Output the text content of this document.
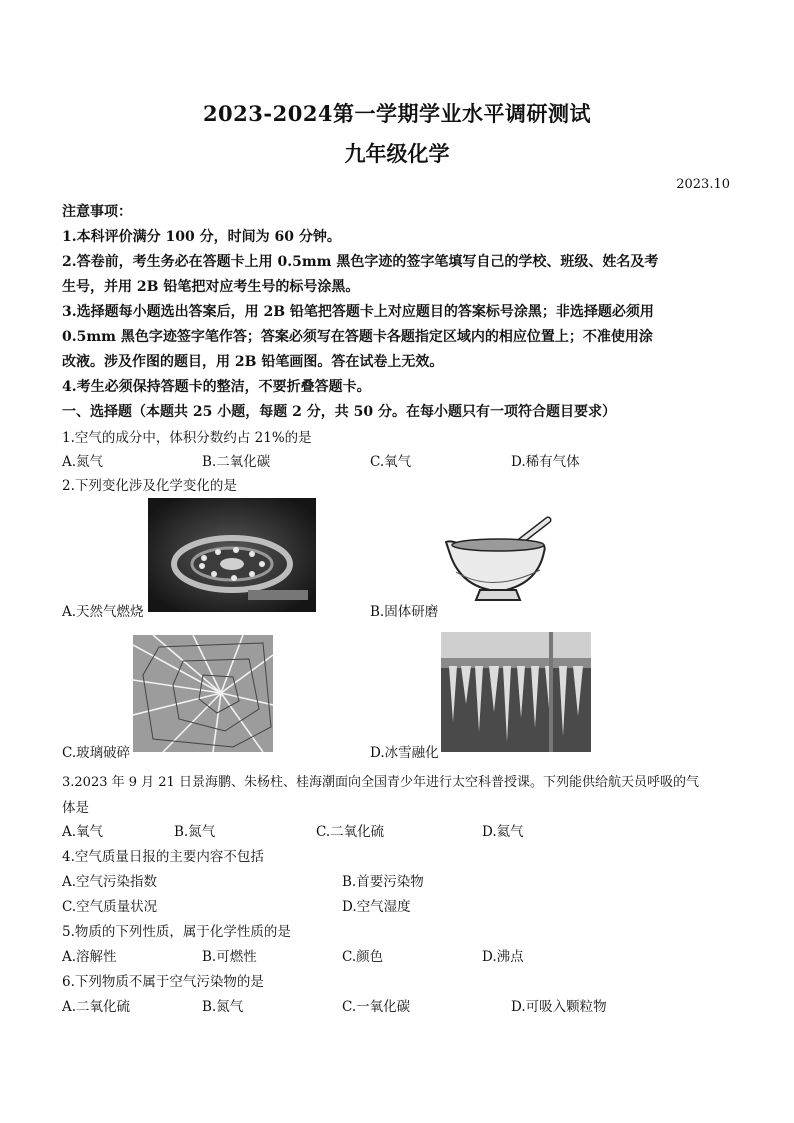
2023-2024第一学期学业水平调研测试
九年级化学
2023.10
注意事项：
1.本科评价满分 100 分，时间为 60 分钟。
2.答卷前，考生务必在答题卡上用 0.5mm 黑色字迹的签字笔填写自己的学校、班级、姓名及考
生号，并用 2B 铅笔把对应考生号的标号涂黑。
3.选择题每小题选出答案后，用 2B 铅笔把答题卡上对应题目的答案标号涂黑；非选择题必须用
0.5mm 黑色字迹签字笔作答；答案必须写在答题卡各题指定区域内的相应位置上；不准使用涂
改液。涉及作图的题目，用 2B 铅笔画图。答在试卷上无效。
4.考生必须保持答题卡的整洁，不要折叠答题卡。
一、选择题（本题共 25 小题，每题 2 分，共 50 分。在每小题只有一项符合题目要求）
1.空气的成分中，体积分数约占 21%的是
A.氮气	B.二氧化碳	C.氧气	D.稀有气体
2.下列变化涉及化学变化的是
A.天然气燃烧	B.固体研磨
C.玻璃破碎	D.冰雪融化
3.2023 年 9 月 21 日景海鹏、朱杨柱、桂海潮面向全国青少年进行太空科普授课。下列能供给航天员呼吸的气
体是
A.氧气	B.氮气	C.二氧化硫	D.氦气
4.空气质量日报的主要内容不包括
A.空气污染指数	B.首要污染物
C.空气质量状况	D.空气湿度
5.物质的下列性质，属于化学性质的是
A.溶解性	B.可燃性	C.颜色	D.沸点
6.下列物质不属于空气污染物的是
A.二氧化硫	B.氮气	C.一氧化碳	D.可吸入颗粒物
